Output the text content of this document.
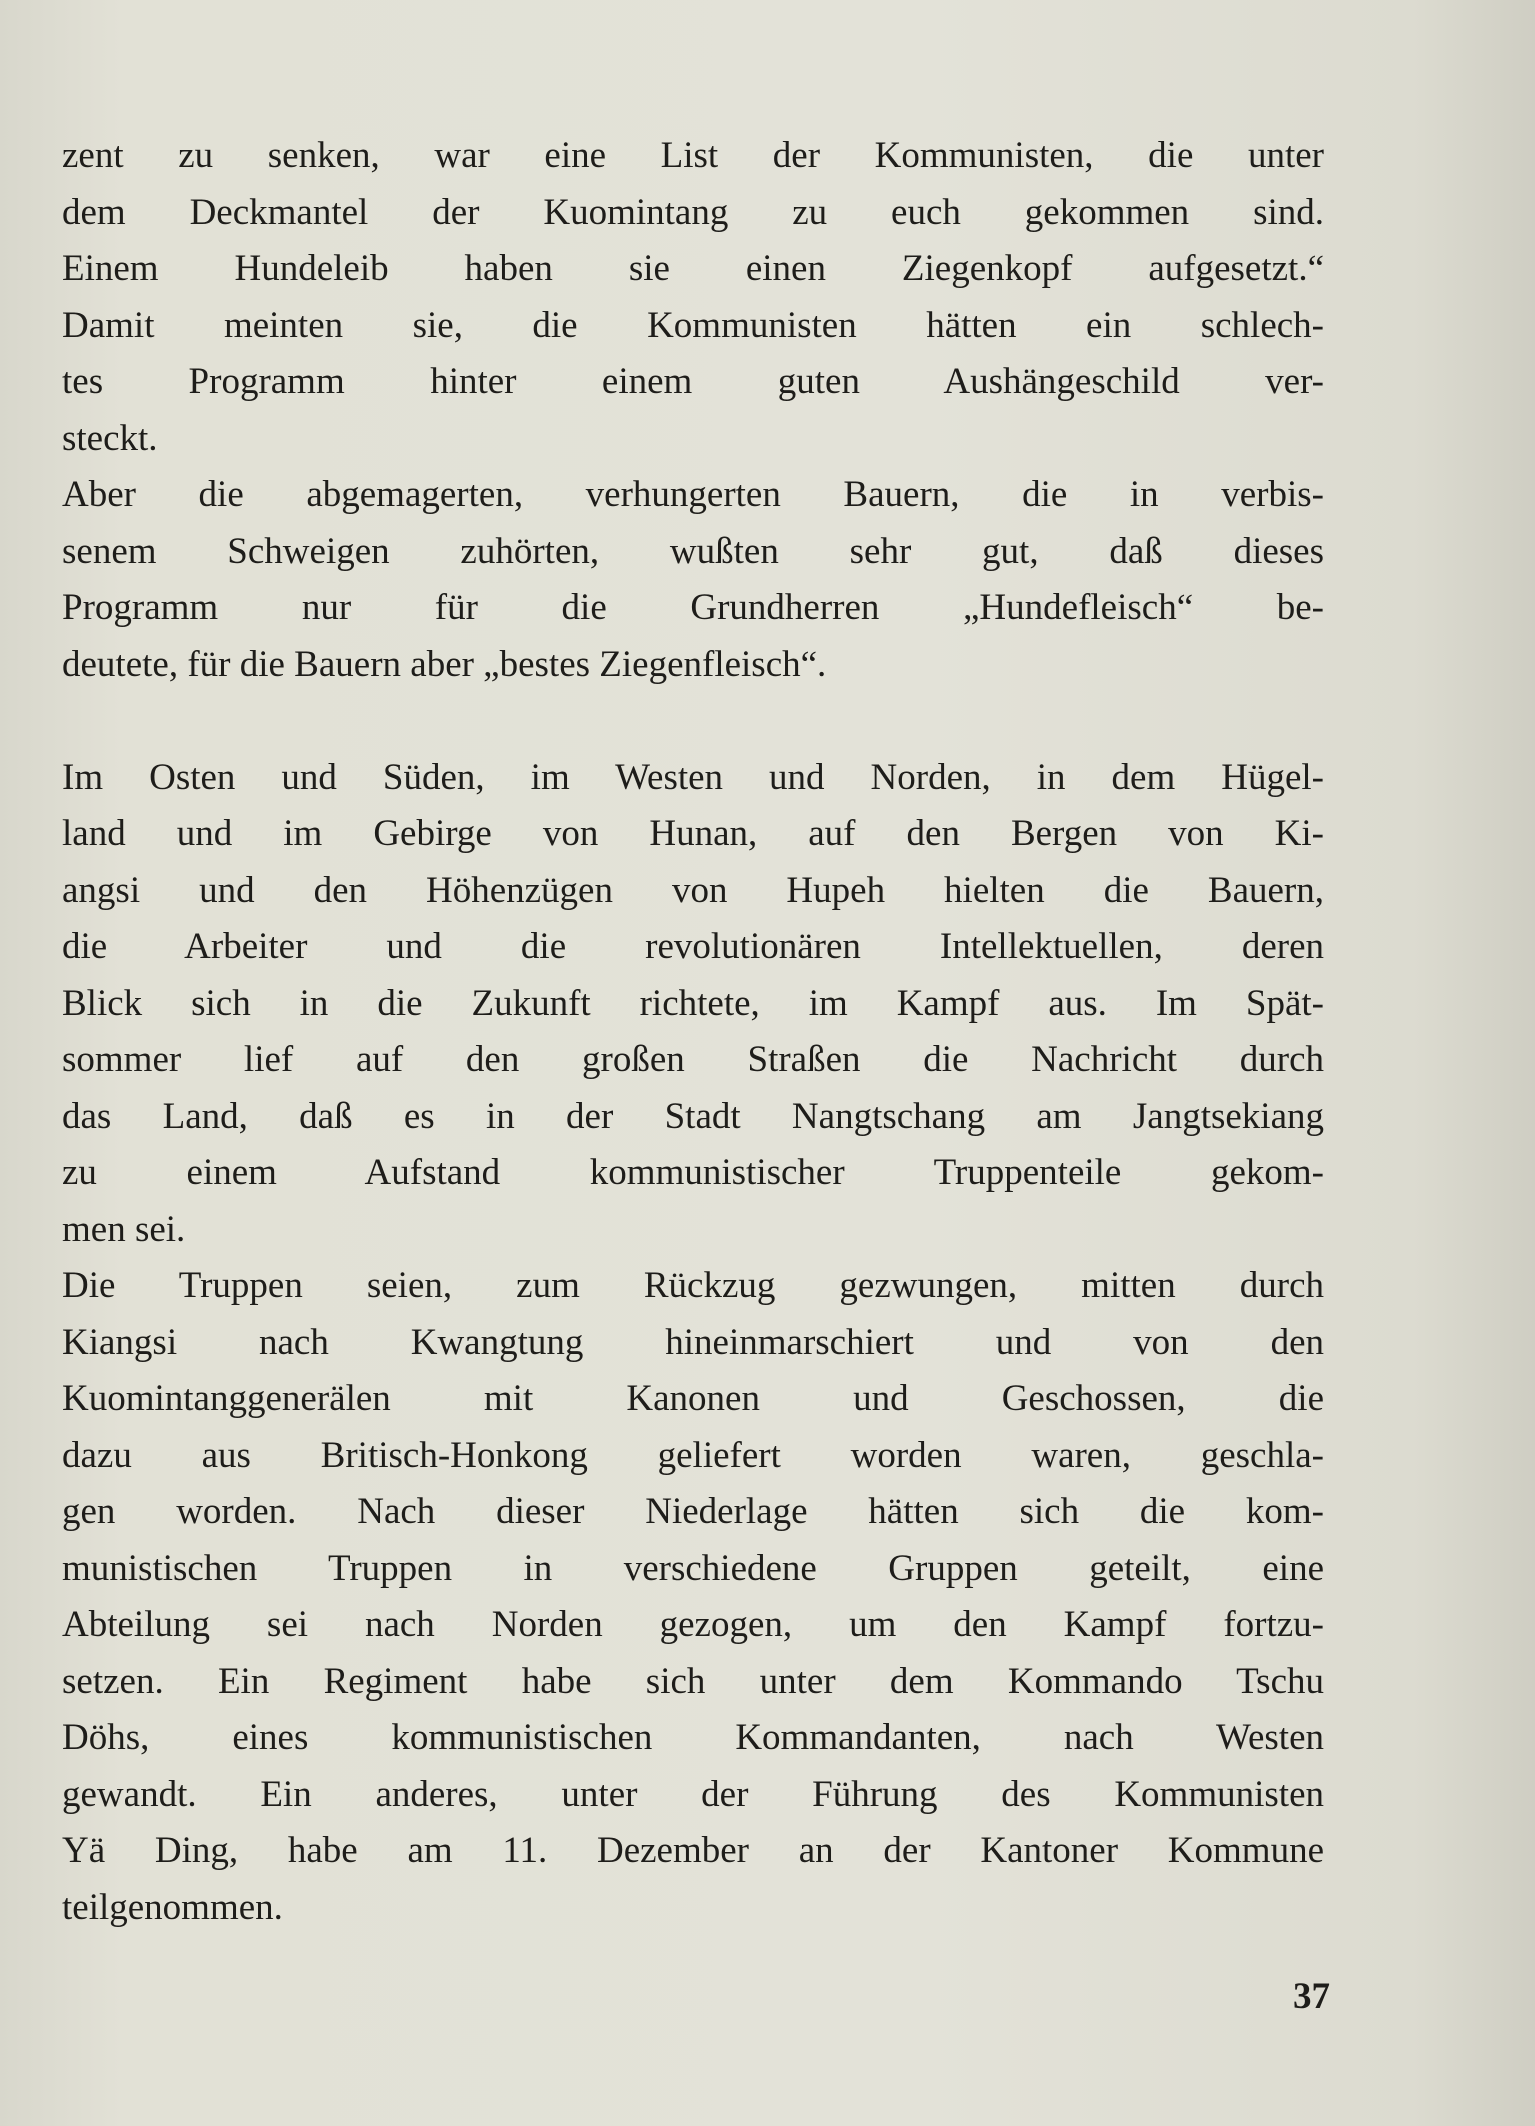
zent zu senken, war eine List der Kommunisten, die unter
dem Deckmantel der Kuomintang zu euch gekommen sind.
Einem Hundeleib haben sie einen Ziegenkopf aufgesetzt.“
Damit meinten sie, die Kommunisten hätten ein schlech-
tes Programm hinter einem guten Aushängeschild ver-
steckt.
Aber die abgemagerten, verhungerten Bauern, die in verbis-
senem Schweigen zuhörten, wußten sehr gut, daß dieses
Programm nur für die Grundherren „Hundefleisch“ be-
deutete, für die Bauern aber „bestes Ziegenfleisch“.
Im Osten und Süden, im Westen und Norden, in dem Hügel-
land und im Gebirge von Hunan, auf den Bergen von Ki-
angsi und den Höhenzügen von Hupeh hielten die Bauern,
die Arbeiter und die revolutionären Intellektuellen, deren
Blick sich in die Zukunft richtete, im Kampf aus. Im Spät-
sommer lief auf den großen Straßen die Nachricht durch
das Land, daß es in der Stadt Nangtschang am Jangtsekiang
zu einem Aufstand kommunistischer Truppenteile gekom-
men sei.
Die Truppen seien, zum Rückzug gezwungen, mitten durch
Kiangsi nach Kwangtung hineinmarschiert und von den
Kuomintanggenerälen mit Kanonen und Geschossen, die
dazu aus Britisch-Honkong geliefert worden waren, geschla-
gen worden. Nach dieser Niederlage hätten sich die kom-
munistischen Truppen in verschiedene Gruppen geteilt, eine
Abteilung sei nach Norden gezogen, um den Kampf fortzu-
setzen. Ein Regiment habe sich unter dem Kommando Tschu
Döhs, eines kommunistischen Kommandanten, nach Westen
gewandt. Ein anderes, unter der Führung des Kommunisten
Yä Ding, habe am 11. Dezember an der Kantoner Kommune
teilgenommen.
37
